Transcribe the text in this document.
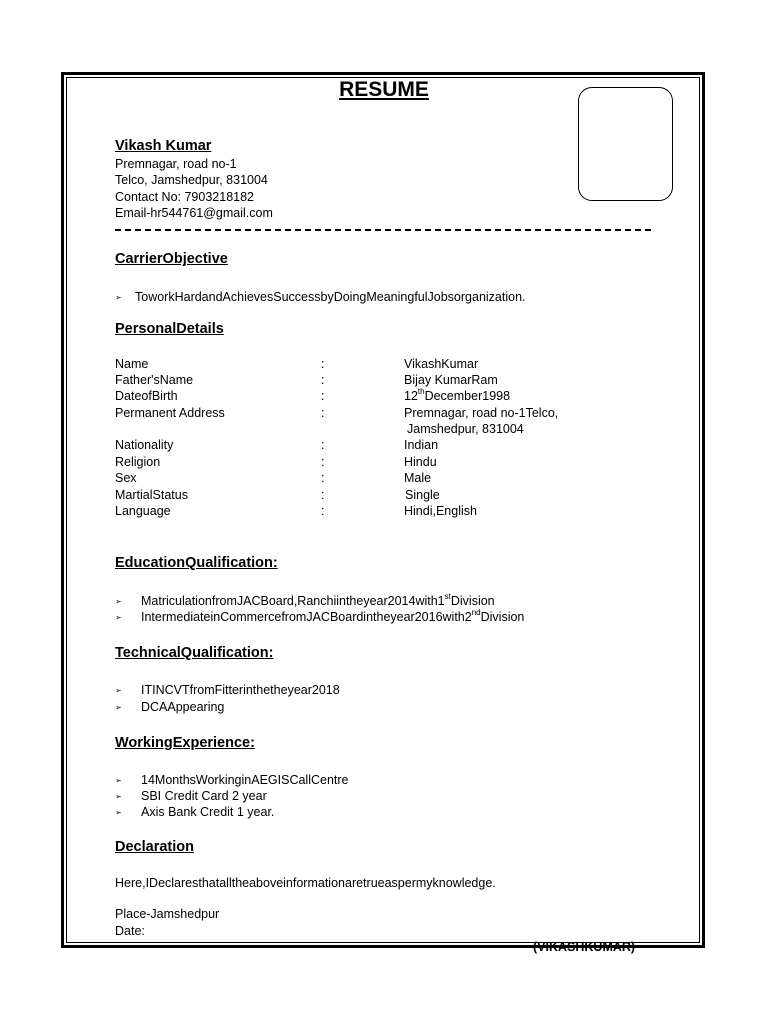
RESUME
Vikash Kumar
Premnagar, road no-1
Telco, Jamshedpur, 831004
Contact No: 7903218182
Email-hr544761@gmail.com
CarrierObjective
➢ ToworkHardandAchievesSuccessbyDoingMeaningfulJobsorganization.
PersonalDetails
Name	:	VikashKumar
Father'sName	:	Bijay KumarRam
DateofBirth	:	12thDecember1998
Permanent Address	:	Premnagar, road no-1Telco,
Jamshedpur, 831004
Nationality	:	Indian
Religion	:	Hindu
Sex	:	Male
MartialStatus	:	Single
Language	:	Hindi,English
EducationQualification:
➢ MatriculationfromJACBoard,Ranchiintheyear2014with1stDivision
➢ IntermediateinCommercefromJACBoardintheyear2016with2ndDivision
TechnicalQualification:
➢ ITINCVTfromFitterinthetheyear2018
➢ DCAAppearing
WorkingExperience:
➢ 14MonthsWorkinginAEGISCallCentre
➢ SBI Credit Card 2 year
➢ Axis Bank Credit 1 year.
Declaration
Here,IDeclaresthatalltheaboveinformationaretrueaspermyknowledge.
Place-Jamshedpur
Date:
(VIKASHKUMAR)
